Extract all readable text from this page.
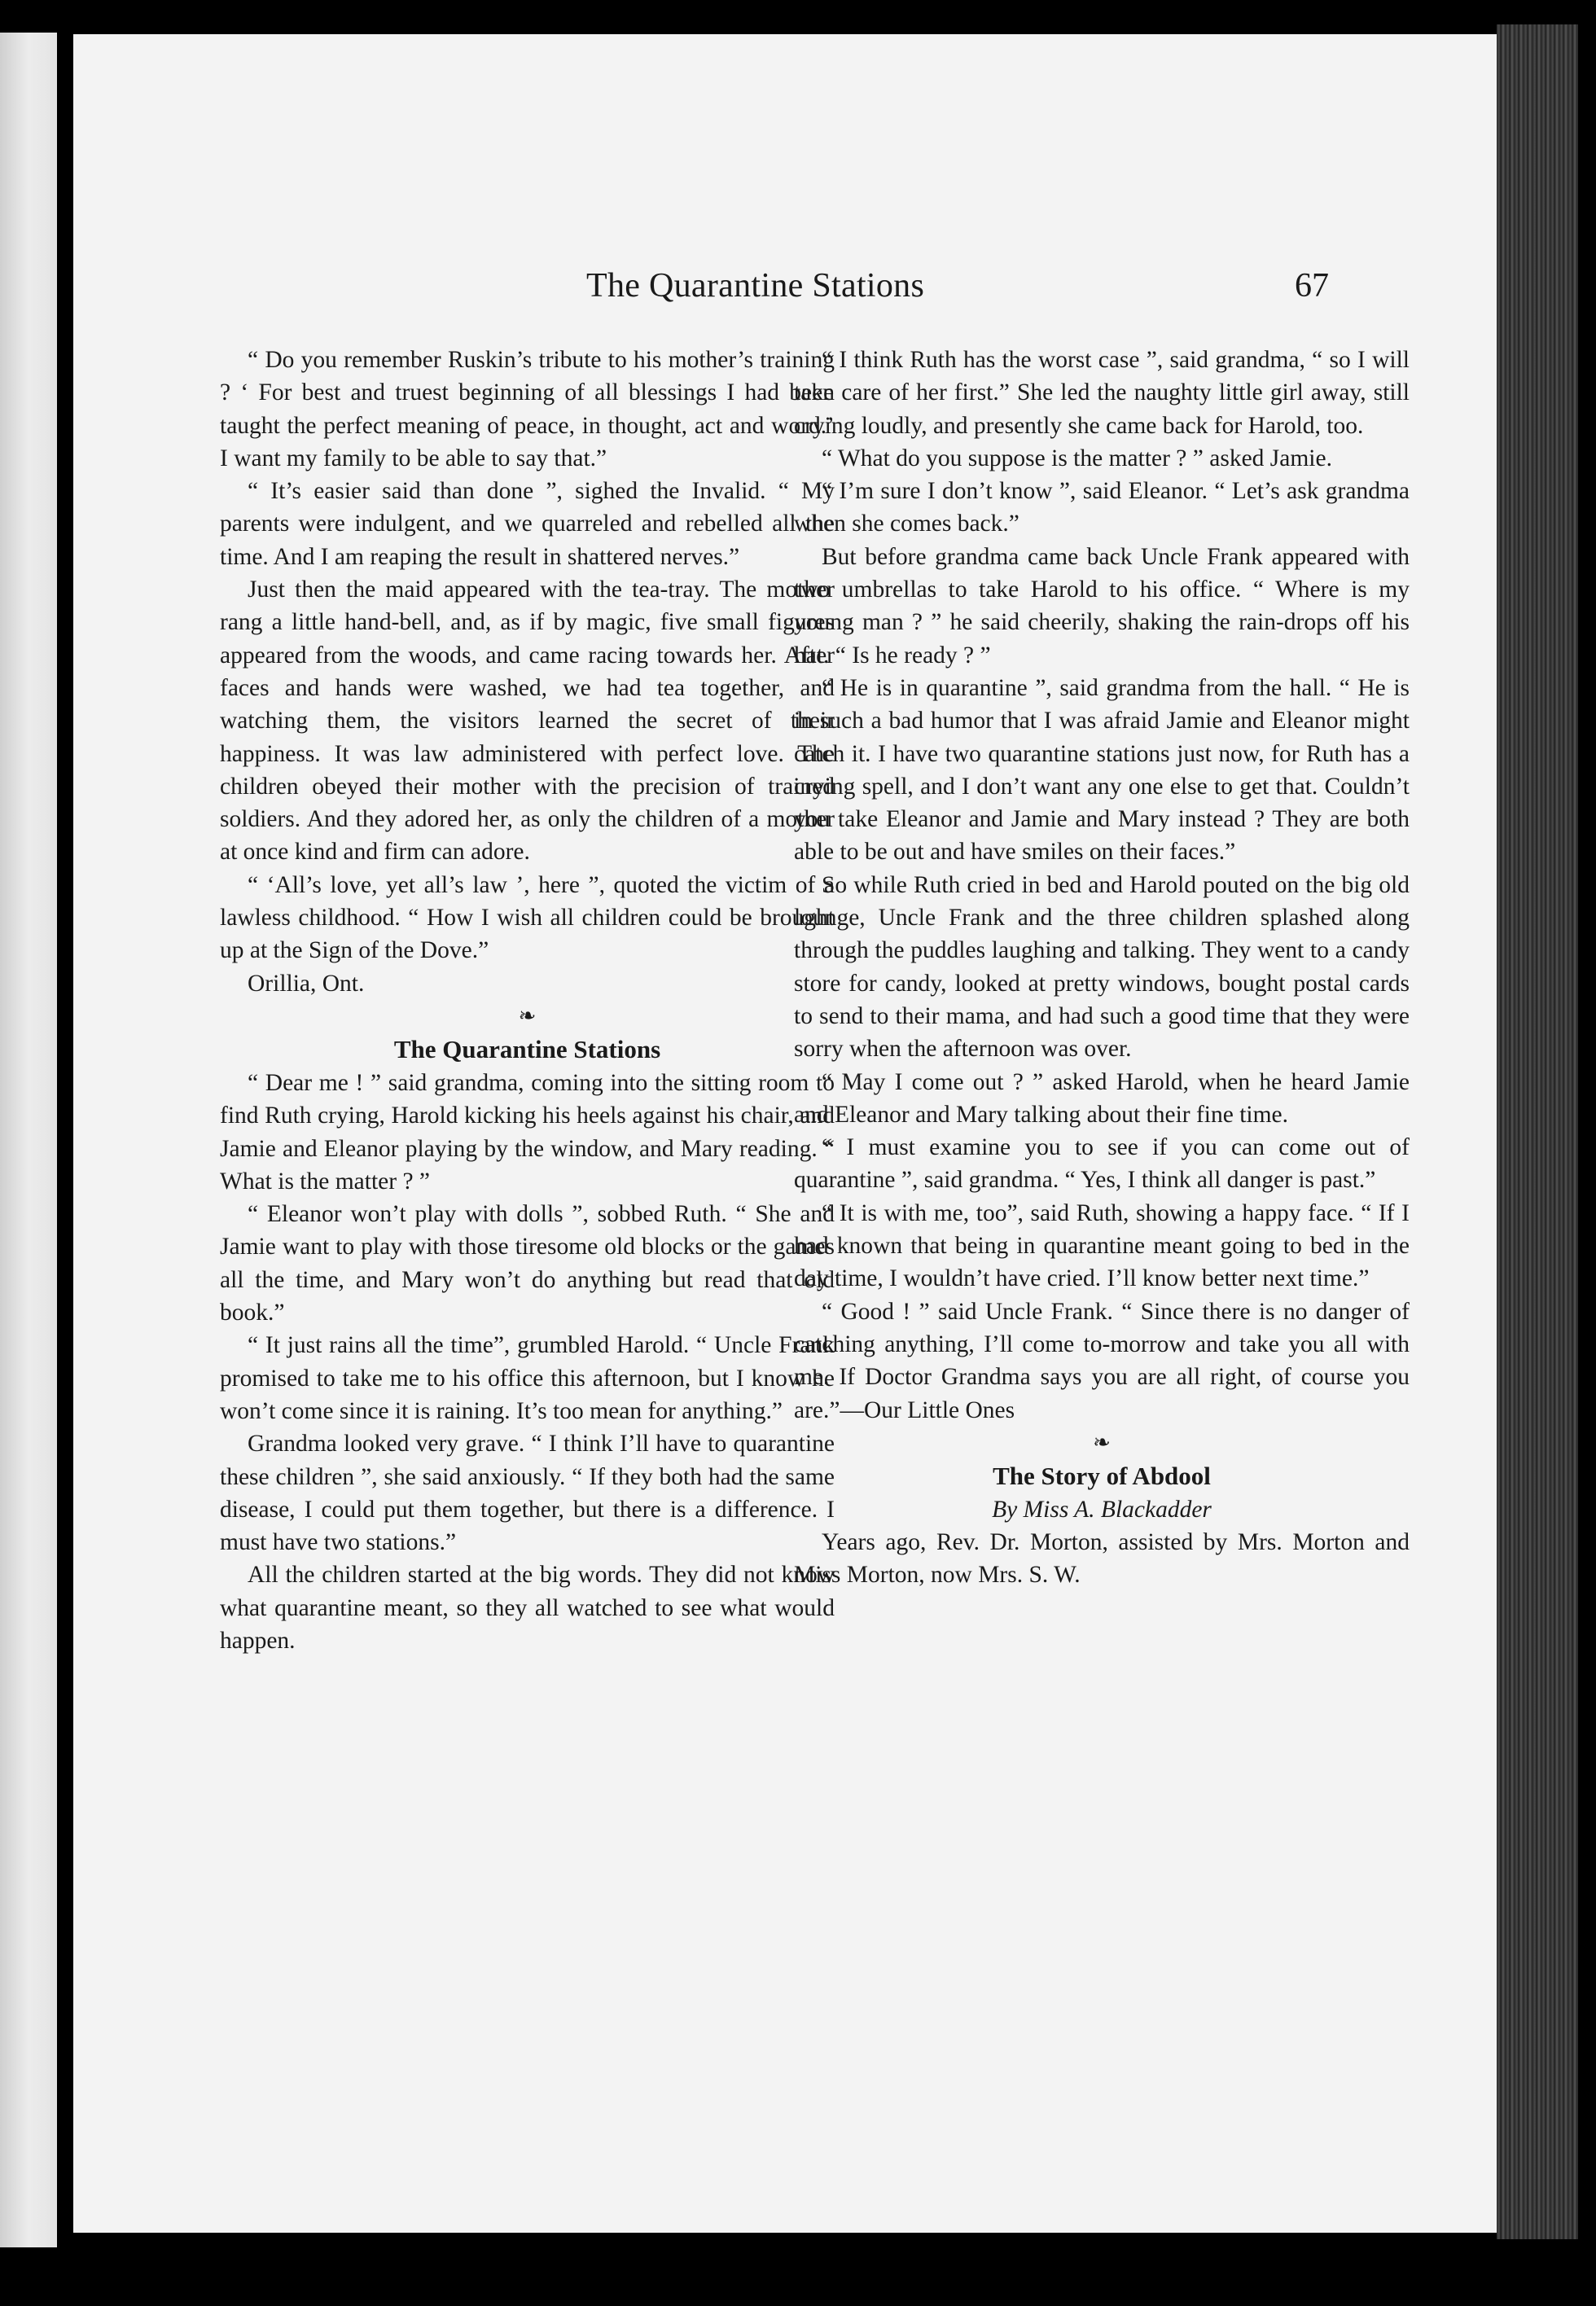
The Quarantine Stations	67

“ Do you remember Ruskin’s tribute to his mother’s training ? ‘ For best and truest beginning of all blessings I had been taught the perfect meaning of peace, in thought, act and word.’ I want my family to be able to say that.”

“ It’s easier said than done ”, sighed the Invalid. “ My parents were indulgent, and we quarreled and rebelled all the time. And I am reaping the result in shattered nerves.”

Just then the maid appeared with the tea-tray. The mother rang a little hand-bell, and, as if by magic, five small figures appeared from the woods, and came racing towards her. After faces and hands were washed, we had tea together, and watching them, the visitors learned the secret of their happiness. It was law administered with perfect love. The children obeyed their mother with the precision of trained soldiers. And they adored her, as only the children of a mother at once kind and firm can adore.

“ ‘All’s love, yet all’s law ’, here ”, quoted the victim of a lawless childhood. “ How I wish all children could be brought up at the Sign of the Dove.”

Orillia, Ont.

❧
The Quarantine Stations

“ Dear me ! ” said grandma, coming into the sitting room to find Ruth crying, Harold kicking his heels against his chair, and Jamie and Eleanor playing by the window, and Mary reading. “ What is the matter ? ”

“ Eleanor won’t play with dolls ”, sobbed Ruth. “ She and Jamie want to play with those tiresome old blocks or the games all the time, and Mary won’t do anything but read that old book.”

“ It just rains all the time”, grumbled Harold. “ Uncle Frank promised to take me to his office this afternoon, but I know he won’t come since it is raining. It’s too mean for anything.”

Grandma looked very grave. “ I think I’ll have to quarantine these children ”, she said anxiously. “ If they both had the same disease, I could put them together, but there is a difference. I must have two stations.”

All the children started at the big words. They did not know what quarantine meant, so they all watched to see what would happen.

“ I think Ruth has the worst case ”, said grandma, “ so I will take care of her first.” She led the naughty little girl away, still crying loudly, and presently she came back for Harold, too.

“ What do you suppose is the matter ? ” asked Jamie.

“ I’m sure I don’t know ”, said Eleanor. “ Let’s ask grandma when she comes back.”

But before grandma came back Uncle Frank appeared with two umbrellas to take Harold to his office. “ Where is my young man ? ” he said cheerily, shaking the rain-drops off his hat. “ Is he ready ? ”

“ He is in quarantine ”, said grandma from the hall. “ He is in such a bad humor that I was afraid Jamie and Eleanor might catch it. I have two quarantine stations just now, for Ruth has a crying spell, and I don’t want any one else to get that. Couldn’t you take Eleanor and Jamie and Mary instead ? They are both able to be out and have smiles on their faces.”

So while Ruth cried in bed and Harold pouted on the big old lounge, Uncle Frank and the three children splashed along through the puddles laughing and talking. They went to a candy store for candy, looked at pretty windows, bought postal cards to send to their mama, and had such a good time that they were sorry when the afternoon was over.

“ May I come out ? ” asked Harold, when he heard Jamie and Eleanor and Mary talking about their fine time.

“ I must examine you to see if you can come out of quarantine ”, said grandma. “ Yes, I think all danger is past.”

“ It is with me, too”, said Ruth, showing a happy face. “ If I had known that being in quarantine meant going to bed in the day time, I wouldn’t have cried. I’ll know better next time.”

“ Good ! ” said Uncle Frank. “ Since there is no danger of catching anything, I’ll come to-morrow and take you all with me. If Doctor Grandma says you are all right, of course you are.”—Our Little Ones

❧
The Story of Abdool

By Miss A. Blackadder

Years ago, Rev. Dr. Morton, assisted by Mrs. Morton and Miss Morton, now Mrs. S. W.
